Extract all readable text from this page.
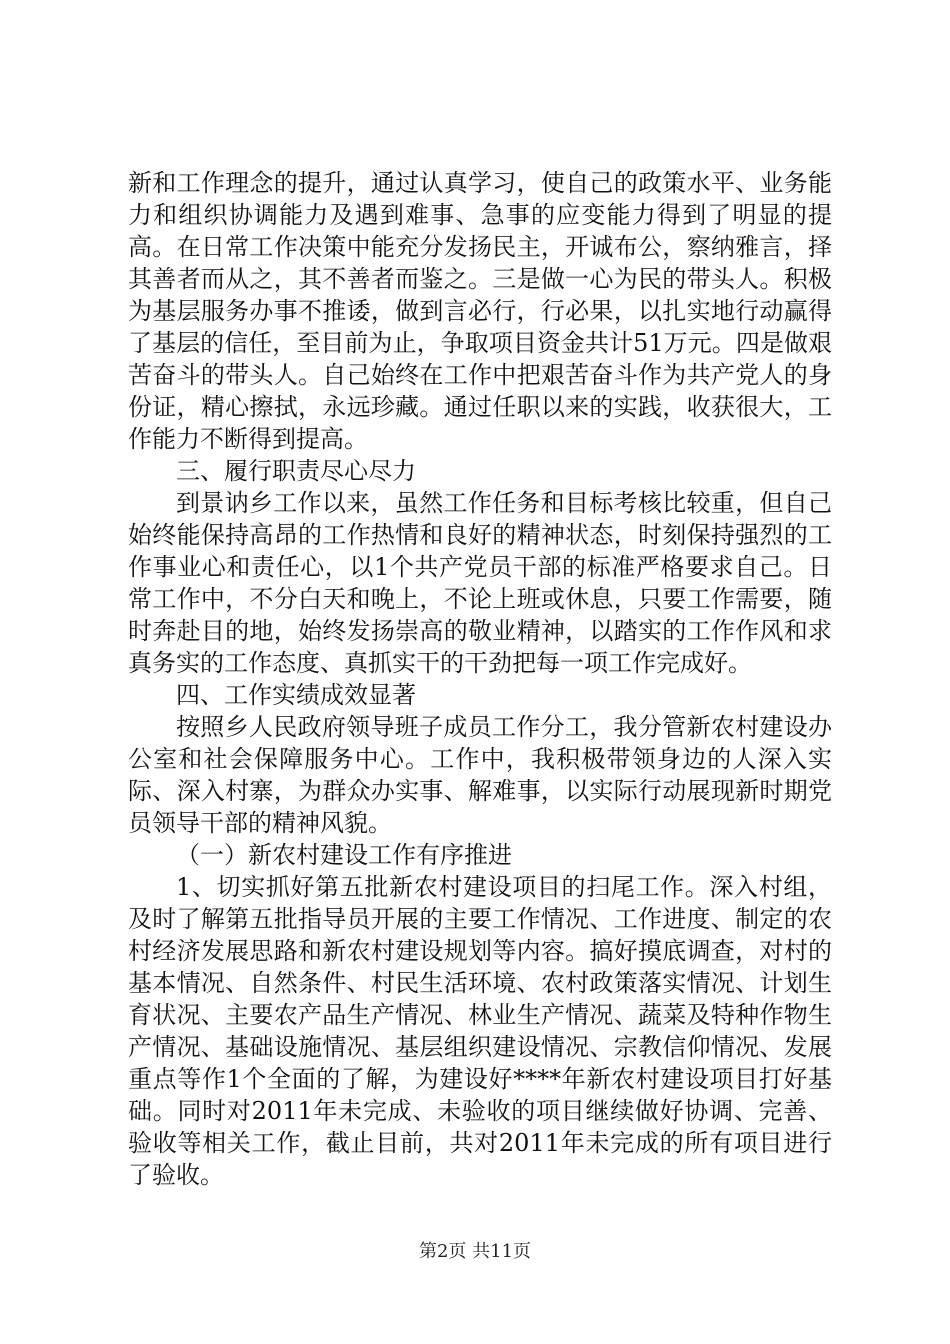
新和工作理念的提升，通过认真学习，使自己的政策水平、业务能力和组织协调能力及遇到难事、急事的应变能力得到了明显的提高。在日常工作决策中能充分发扬民主，开诚布公，察纳雅言，择其善者而从之，其不善者而鉴之。三是做一心为民的带头人。积极为基层服务办事不推诿，做到言必行，行必果，以扎实地行动赢得了基层的信任，至目前为止，争取项目资金共计51万元。四是做艰苦奋斗的带头人。自己始终在工作中把艰苦奋斗作为共产党人的身份证，精心擦拭，永远珍藏。通过任职以来的实践，收获很大，工作能力不断得到提高。

三、履行职责尽心尽力

到景讷乡工作以来，虽然工作任务和目标考核比较重，但自己始终能保持高昂的工作热情和良好的精神状态，时刻保持强烈的工作事业心和责任心，以1个共产党员干部的标准严格要求自己。日常工作中，不分白天和晚上，不论上班或休息，只要工作需要，随时奔赴目的地，始终发扬崇高的敬业精神，以踏实的工作作风和求真务实的工作态度、真抓实干的干劲把每一项工作完成好。

四、工作实绩成效显著

按照乡人民政府领导班子成员工作分工，我分管新农村建设办公室和社会保障服务中心。工作中，我积极带领身边的人深入实际、深入村寨，为群众办实事、解难事，以实际行动展现新时期党员领导干部的精神风貌。

（一）新农村建设工作有序推进

1、切实抓好第五批新农村建设项目的扫尾工作。深入村组，及时了解第五批指导员开展的主要工作情况、工作进度、制定的农村经济发展思路和新农村建设规划等内容。搞好摸底调查，对村的基本情况、自然条件、村民生活环境、农村政策落实情况、计划生育状况、主要农产品生产情况、林业生产情况、蔬菜及特种作物生产情况、基础设施情况、基层组织建设情况、宗教信仰情况、发展重点等作1个全面的了解，为建设好****年新农村建设项目打好基础。同时对2011年未完成、未验收的项目继续做好协调、完善、验收等相关工作，截止目前，共对2011年未完成的所有项目进行了验收。

第2页 共11页
